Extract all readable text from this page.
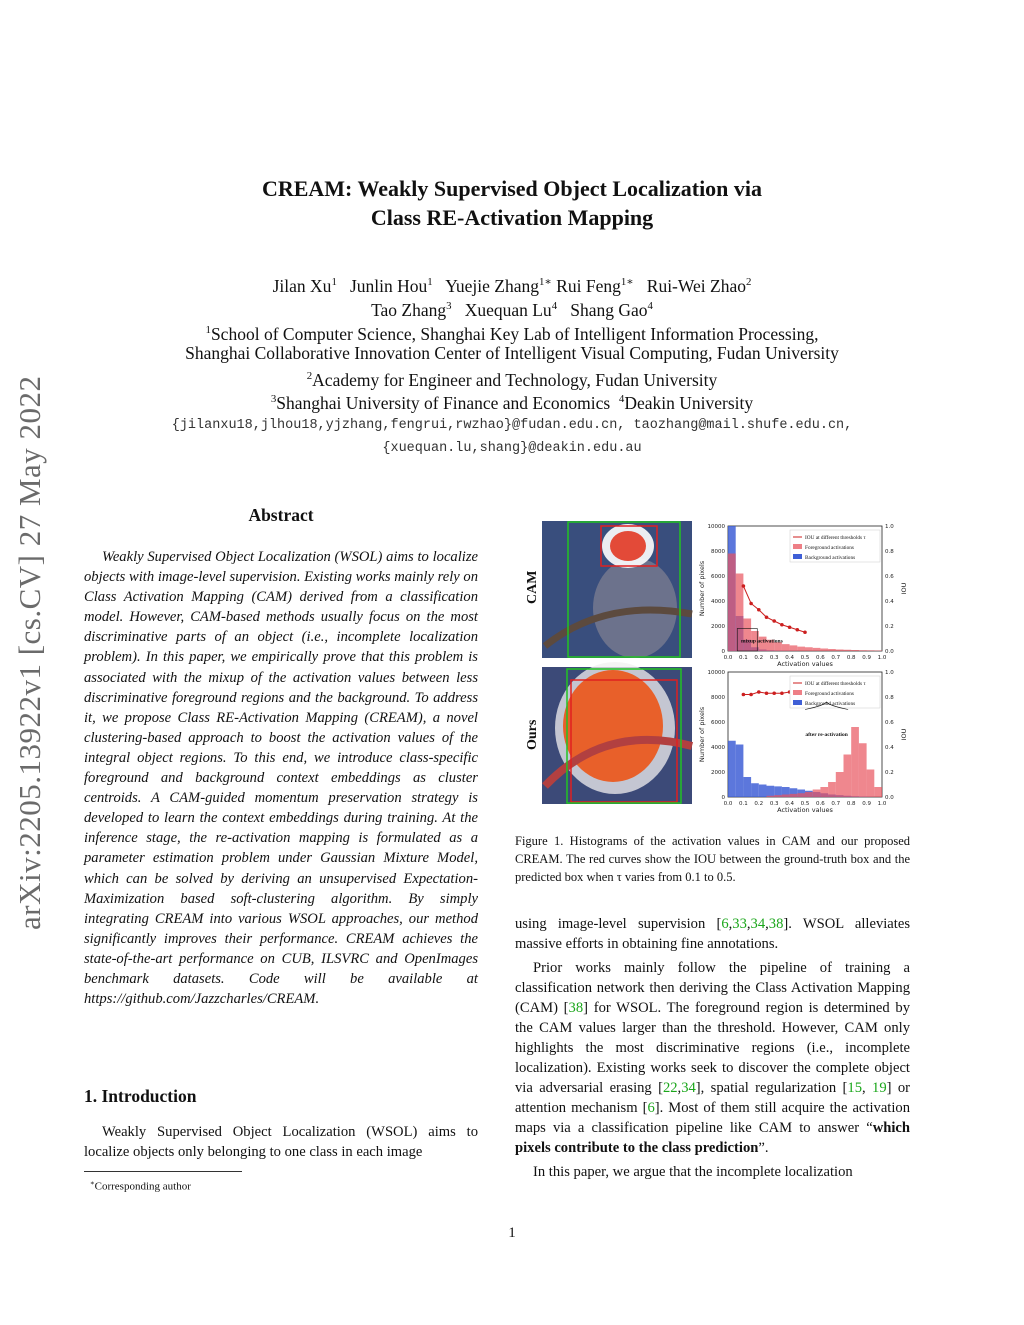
arXiv:2205.13922v1 [cs.CV] 27 May 2022
CREAM: Weakly Supervised Object Localization via
Class RE-Activation Mapping
Jilan Xu$^1$ Junlin Hou$^1$ Yuejie Zhang$^{1∗}$ Rui Feng$^{1∗}$ Rui-Wei Zhao$^2$
Tao Zhang$^3$ Xuequan Lu$^4$ Shang Gao$^4$
$^1$School of Computer Science, Shanghai Key Lab of Intelligent Information Processing,
Shanghai Collaborative Innovation Center of Intelligent Visual Computing, Fudan University
$^2$Academy for Engineer and Technology, Fudan University
$^3$Shanghai University of Finance and Economics $^4$Deakin University
{jilanxu18,jlhou18,yjzhang,fengrui,rwzhao}@fudan.edu.cn, taozhang@mail.shufe.edu.cn,
{xuequan.lu,shang}@deakin.edu.au
Abstract

Weakly Supervised Object Localization (WSOL) aims to localize objects with image-level supervision. Existing works mainly rely on Class Activation Mapping (CAM) derived from a classification model. However, CAM-based methods usually focus on the most discriminative parts of an object (i.e., incomplete localization problem). In this paper, we empirically prove that this problem is associated with the mixup of the activation values between less discriminative foreground regions and the background. To address it, we propose Class RE-Activation Mapping (CREAM), a novel clustering-based approach to boost the activation values of the integral object regions. To this end, we introduce class-specific foreground and background context embeddings as cluster centroids. A CAM-guided momentum preservation strategy is developed to learn the context embeddings during training. At the inference stage, the re-activation mapping is formulated as a parameter estimation problem under Gaussian Mixture Model, which can be solved by deriving an unsupervised Expectation-Maximization based soft-clustering algorithm. By simply integrating CREAM into various WSOL approaches, our method significantly improves their performance. CREAM achieves the state-of-the-art performance on CUB, ILSVRC and OpenImages benchmark datasets. Code will be available at https://github.com/Jazzcharles/CREAM.

1. Introduction

Weakly Supervised Object Localization (WSOL) aims to localize objects only belonging to one class in each image

∗Corresponding author
0.0 0.1 0.2 0.3 0.4 0.5 0.6 0.7 0.8 0.9 1.0
0
2000
4000
6000
8000
10000
0.0
0.2
0.4
0.6
0.8
1.0
Activation values
Number of pixels	IOU
IOU at different thresholds τ
Foreground activations
Background activations
mixup activations
0.0 0.1 0.2 0.3 0.4 0.5 0.6 0.7 0.8 0.9 1.0
0
2000
4000
6000
8000
10000
0.0
0.2
0.4
0.6
0.8
1.0
Activation values
Number of pixels	IOU
IOU at different thresholds τ
Foreground activations
Background activations
after re-activation
CAM
Ours
Figure 1. Histograms of the activation values in CAM and our proposed CREAM. The red curves show the IOU between the ground-truth box and the predicted box when τ varies from 0.1 to 0.5.

using image-level supervision [6,33,34,38]. WSOL alleviates massive efforts in obtaining fine annotations.

Prior works mainly follow the pipeline of training a classification network then deriving the Class Activation Mapping (CAM) [38] for WSOL. The foreground region is determined by the CAM values larger than the threshold. However, CAM only highlights the most discriminative regions (i.e., incomplete localization). Existing works seek to discover the complete object via adversarial erasing [22,34], spatial regularization [15, 19] or attention mechanism [6]. Most of them still acquire the activation maps via a classification pipeline like CAM to answer “which pixels contribute to the class prediction”.

In this paper, we argue that the incomplete localization

1
